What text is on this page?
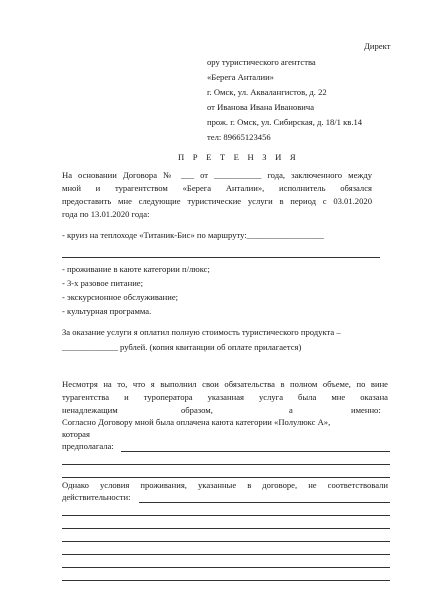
Директ
ору туристического агентства
«Берега Анталии»
г. Омск, ул. Аквалангистов, д. 22
от Иванова Ивана Ивановича
прож. г. Омск, ул. Сибирская, д. 18/1 кв.14
тел: 89665123456
П Р Е Т Е Н З И Я
На основании Договора № ___ от ___________ года, заключенного между
мной и турагентством «Берега Анталии», исполнитель обязался
предоставить мне следующие туристические услуги в период с 03.01.2020
года по 13.01.2020 года:
- круиз на теплоходе «Титаник-Бис» по маршруту:__________________
- проживание в каюте категории п/люкс;
- 3-х разовое питание;
- экскурсионное обслуживание;
- культурная программа.
За оказание услуги я оплатил полную стоимость туристического продукта –
_____________ рублей. (копия квитанции об оплате прилагается)
Несмотря на то, что я выполнил свои обязательства в полном объеме, по вине
турагентства и туроператора указанная услуга была мне оказана
ненадлежащим	образом,	а	именно:
Согласно Договору мной была оплачена каюта категории «Полулюкс А»,
которая
предполагала:
Однако условия проживания, указанные в договоре, не соответствовали
действительности:
